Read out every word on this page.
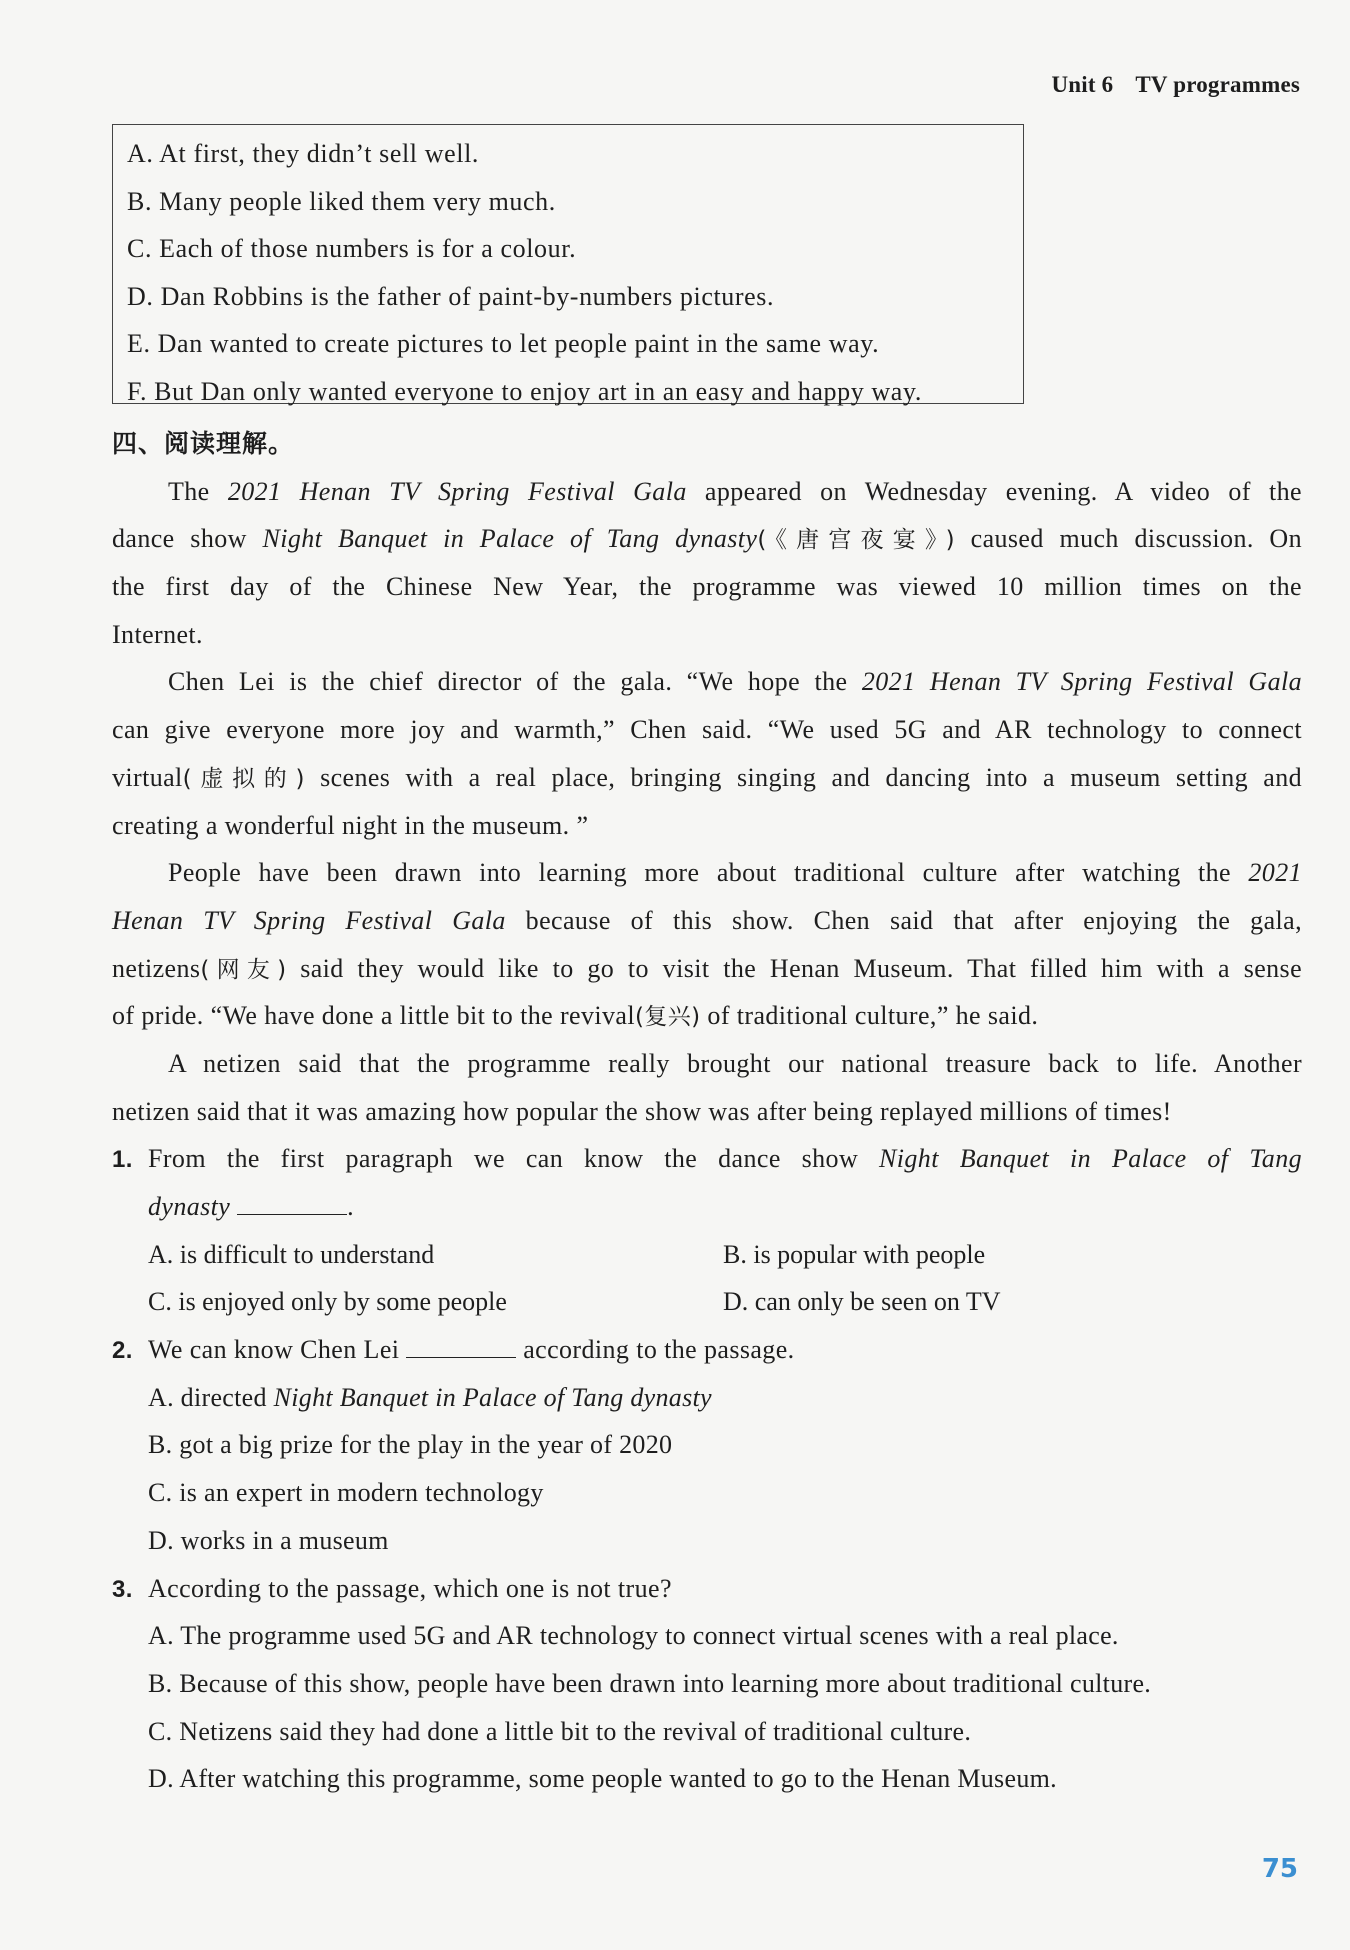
Unit 6 TV programmes
A. At first, they didn’t sell well.
B. Many people liked them very much.
C. Each of those numbers is for a colour.
D. Dan Robbins is the father of paint-by-numbers pictures.
E. Dan wanted to create pictures to let people paint in the same way.
F. But Dan only wanted everyone to enjoy art in an easy and happy way.
四、阅读理解。
The 2021 Henan TV Spring Festival Gala appeared on Wednesday evening. A video of the
dance show Night Banquet in Palace of Tang dynasty(《唐宫夜宴》) caused much discussion. On
the first day of the Chinese New Year, the programme was viewed 10 million times on the
Internet.
Chen Lei is the chief director of the gala. “We hope the 2021 Henan TV Spring Festival Gala
can give everyone more joy and warmth,” Chen said. “We used 5G and AR technology to connect
virtual(虚拟的) scenes with a real place, bringing singing and dancing into a museum setting and
creating a wonderful night in the museum. ”
People have been drawn into learning more about traditional culture after watching the 2021
Henan TV Spring Festival Gala because of this show. Chen said that after enjoying the gala,
netizens(网友) said they would like to go to visit the Henan Museum. That filled him with a sense
of pride. “We have done a little bit to the revival(复兴) of traditional culture,” he said.
A netizen said that the programme really brought our national treasure back to life. Another
netizen said that it was amazing how popular the show was after being replayed millions of times!
1. From the first paragraph we can know the dance show Night Banquet in Palace of Tang
dynasty	.
A. is difficult to understand	B. is popular with people
C. is enjoyed only by some people	D. can only be seen on TV
2. We can know Chen Lei	according to the passage.
A. directed Night Banquet in Palace of Tang dynasty
B. got a big prize for the play in the year of 2020
C. is an expert in modern technology
D. works in a museum
3. According to the passage, which one is not true?
A. The programme used 5G and AR technology to connect virtual scenes with a real place.
B. Because of this show, people have been drawn into learning more about traditional culture.
C. Netizens said they had done a little bit to the revival of traditional culture.
D. After watching this programme, some people wanted to go to the Henan Museum.
75
